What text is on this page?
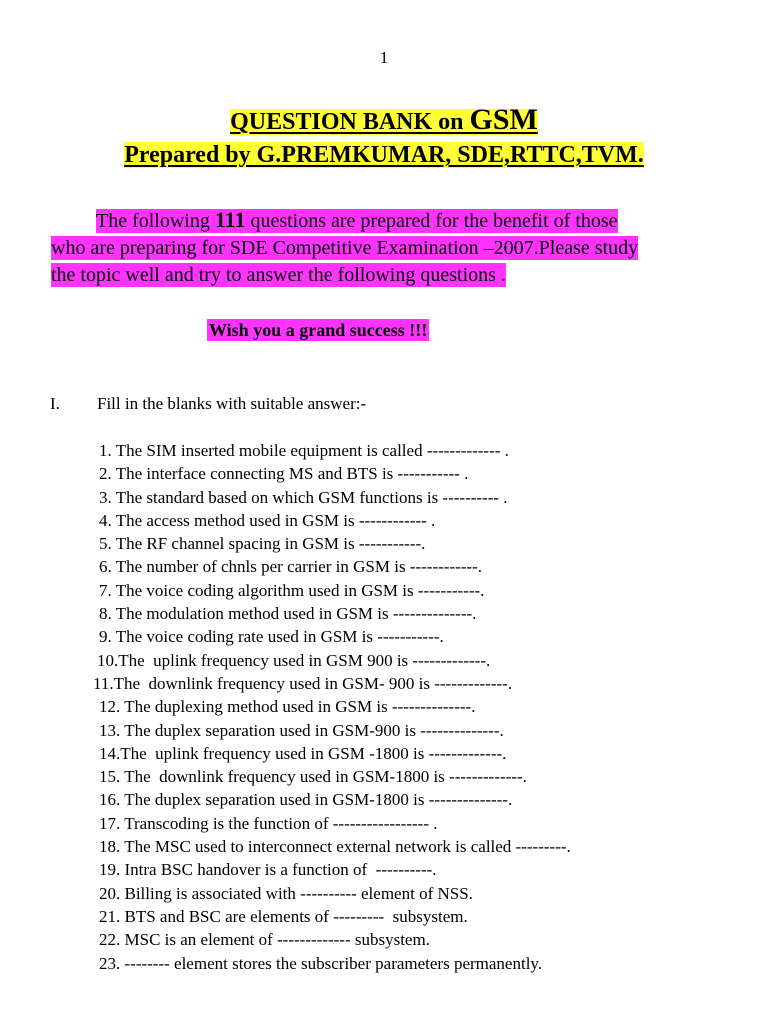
1
QUESTION BANK on GSM
Prepared by G.PREMKUMAR, SDE,RTTC,TVM.
The following 111 questions are prepared for the benefit of those
who are preparing for SDE Competitive Examination –2007.Please study
the topic well and try to answer the following questions .
Wish you a grand success !!!
I. Fill in the blanks with suitable answer:-
1. The SIM inserted mobile equipment is called ------------- .
2. The interface connecting MS and BTS is ----------- .
3. The standard based on which GSM functions is ---------- .
4. The access method used in GSM is ------------ .
5. The RF channel spacing in GSM is -----------.
6. The number of chnls per carrier in GSM is ------------.
7. The voice coding algorithm used in GSM is -----------.
8. The modulation method used in GSM is --------------.
9. The voice coding rate used in GSM is -----------.
10.The  uplink frequency used in GSM 900 is -------------.
11.The  downlink frequency used in GSM- 900 is -------------.
12. The duplexing method used in GSM is --------------.
13. The duplex separation used in GSM-900 is --------------.
14.The  uplink frequency used in GSM -1800 is -------------.
15. The  downlink frequency used in GSM-1800 is -------------.
16. The duplex separation used in GSM-1800 is --------------.
17. Transcoding is the function of ----------------- .
18. The MSC used to interconnect external network is called ---------.
19. Intra BSC handover is a function of  ----------.
20. Billing is associated with ---------- element of NSS.
21. BTS and BSC are elements of ---------  subsystem.
22. MSC is an element of ------------- subsystem.
23. -------- element stores the subscriber parameters permanently.
